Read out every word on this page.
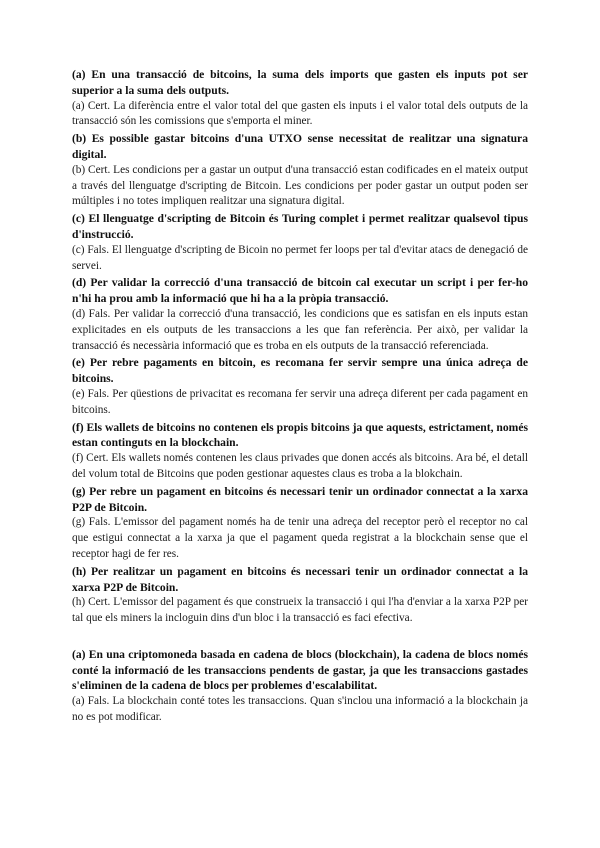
(a) En una transacció de bitcoins, la suma dels imports que gasten els inputs pot ser superior a la suma dels outputs.

(a) Cert. La diferència entre el valor total del que gasten els inputs i el valor total dels outputs de la transacció són les comissions que s'emporta el miner.

(b) Es possible gastar bitcoins d'una UTXO sense necessitat de realitzar una signatura digital.

(b) Cert. Les condicions per a gastar un output d'una transacció estan codificades en el mateix output a través del llenguatge d'scripting de Bitcoin. Les condicions per poder gastar un output poden ser múltiples i no totes impliquen realitzar una signatura digital.

(c) El llenguatge d'scripting de Bitcoin és Turing complet i permet realitzar qualsevol tipus d'instrucció.

(c) Fals. El llenguatge d'scripting de Bicoin no permet fer loops per tal d'evitar atacs de denegació de servei.

(d) Per validar la correcció d'una transacció de bitcoin cal executar un script i per fer-ho n'hi ha prou amb la informació que hi ha a la pròpia transacció.

(d) Fals. Per validar la correcció d'una transacció, les condicions que es satisfan en els inputs estan explicitades en els outputs de les transaccions a les que fan referència. Per això, per validar la transacció és necessària informació que es troba en els outputs de la transacció referenciada.

(e) Per rebre pagaments en bitcoin, es recomana fer servir sempre una única adreça de bitcoins.

(e) Fals. Per qüestions de privacitat es recomana fer servir una adreça diferent per cada pagament en bitcoins.

(f) Els wallets de bitcoins no contenen els propis bitcoins ja que aquests, estrictament, només estan continguts en la blockchain.

(f) Cert. Els wallets només contenen les claus privades que donen accés als bitcoins. Ara bé, el detall del volum total de Bitcoins que poden gestionar aquestes claus es troba a la blokchain.

(g) Per rebre un pagament en bitcoins és necessari tenir un ordinador connectat a la xarxa P2P de Bitcoin.

(g) Fals. L'emissor del pagament només ha de tenir una adreça del receptor però el receptor no cal que estigui connectat a la xarxa ja que el pagament queda registrat a la blockchain sense que el receptor hagi de fer res.

(h) Per realitzar un pagament en bitcoins és necessari tenir un ordinador connectat a la xarxa P2P de Bitcoin.

(h) Cert. L'emissor del pagament és que construeix la transacció i qui l'ha d'enviar a la xarxa P2P per tal que els miners la incloguin dins d'un bloc i la transacció es faci efectiva.

(a) En una criptomoneda basada en cadena de blocs (blockchain), la cadena de blocs només conté la informació de les transaccions pendents de gastar, ja que les transaccions gastades s'eliminen de la cadena de blocs per problemes d'escalabilitat.

(a) Fals. La blockchain conté totes les transaccions. Quan s'inclou una informació a la blockchain ja no es pot modificar.
